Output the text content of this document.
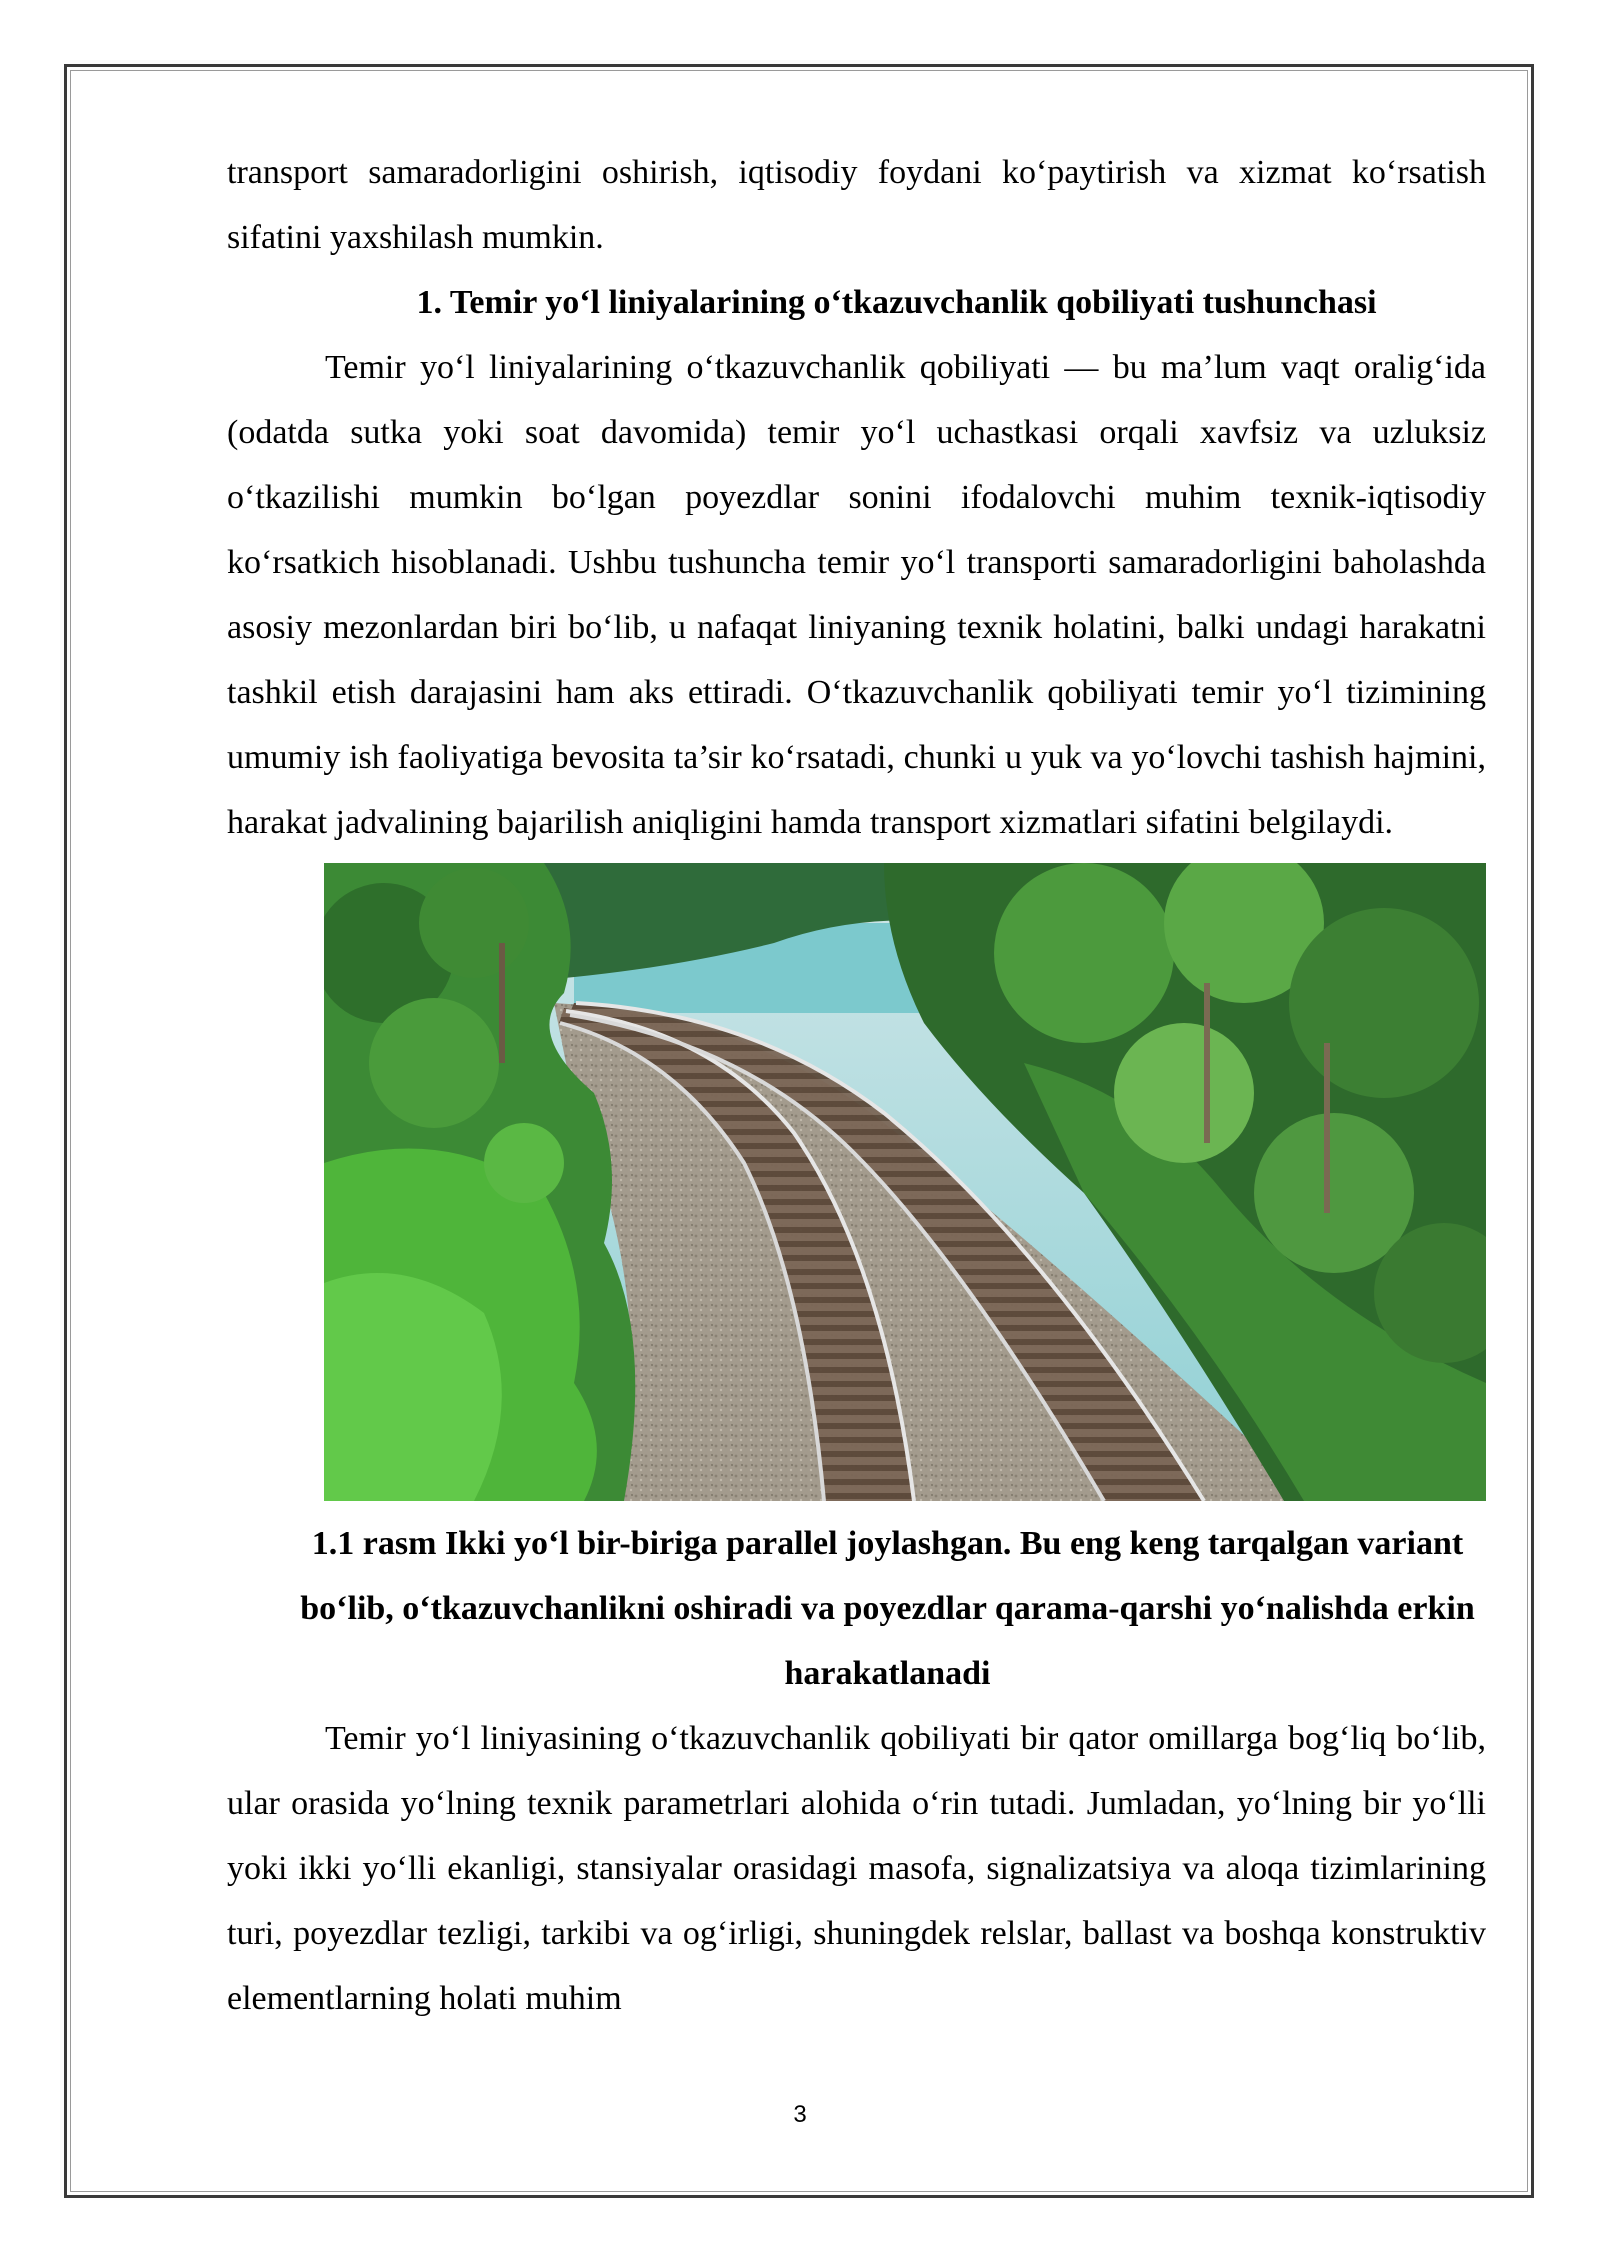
transport samaradorligini oshirish, iqtisodiy foydani ko‘paytirish va xizmat ko‘rsatish sifatini yaxshilash mumkin.

1. Temir yo‘l liniyalarining o‘tkazuvchanlik qobiliyati tushunchasi

Temir yo‘l liniyalarining o‘tkazuvchanlik qobiliyati — bu ma’lum vaqt oralig‘ida (odatda sutka yoki soat davomida) temir yo‘l uchastkasi orqali xavfsiz va uzluksiz o‘tkazilishi mumkin bo‘lgan poyezdlar sonini ifodalovchi muhim texnik-iqtisodiy ko‘rsatkich hisoblanadi. Ushbu tushuncha temir yo‘l transporti samaradorligini baholashda asosiy mezonlardan biri bo‘lib, u nafaqat liniyaning texnik holatini, balki undagi harakatni tashkil etish darajasini ham aks ettiradi. O‘tkazuvchanlik qobiliyati temir yo‘l tizimining umumiy ish faoliyatiga bevosita ta’sir ko‘rsatadi, chunki u yuk va yo‘lovchi tashish hajmini, harakat jadvalining bajarilish aniqligini hamda transport xizmatlari sifatini belgilaydi.

1.1 rasm Ikki yo‘l bir-biriga parallel joylashgan. Bu eng keng tarqalgan variant bo‘lib, o‘tkazuvchanlikni oshiradi va poyezdlar qarama-qarshi yo‘nalishda erkin harakatlanadi

Temir yo‘l liniyasining o‘tkazuvchanlik qobiliyati bir qator omillarga bog‘liq bo‘lib, ular orasida yo‘lning texnik parametrlari alohida o‘rin tutadi. Jumladan, yo‘lning bir yo‘lli yoki ikki yo‘lli ekanligi, stansiyalar orasidagi masofa, signalizatsiya va aloqa tizimlarining turi, poyezdlar tezligi, tarkibi va og‘irligi, shuningdek relslar, ballast va boshqa konstruktiv elementlarning holati muhim

3
